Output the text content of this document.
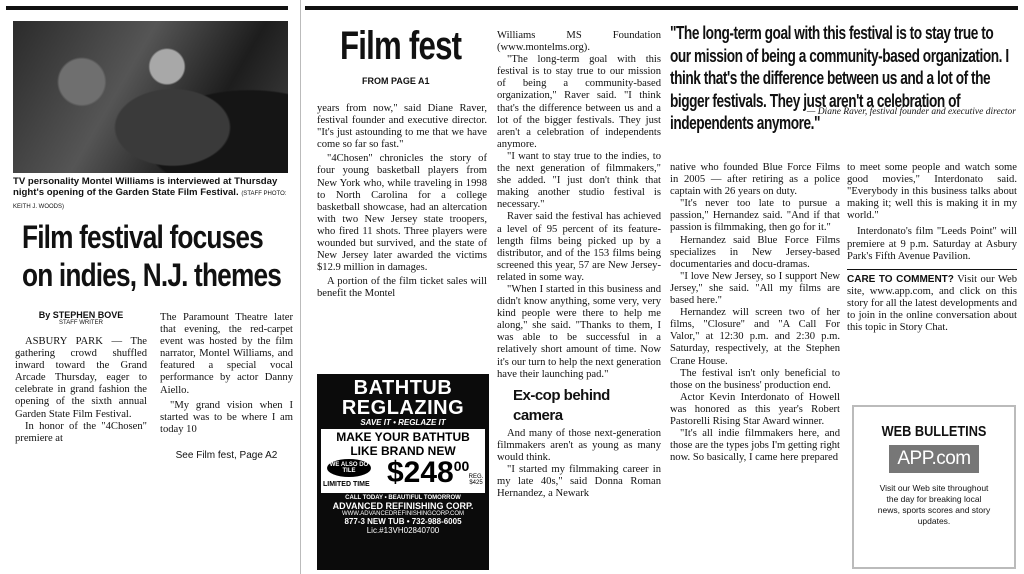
TV personality Montel Williams is interviewed at Thursday night's opening of the Garden State Film Festival. (STAFF PHOTO: KEITH J. WOODS)
Film festival focuses
on indies, N.J. themes
By STEPHEN BOVE
STAFF WRITER

ASBURY PARK — The gathering crowd shuffled inward toward the Grand Arcade Thursday, eager to celebrate in grand fashion the opening of the sixth annual Garden State Film Festival.

In honor of the "4Chosen" premiere at

The Paramount Theatre later that evening, the red-carpet event was hosted by the film narrator, Montel Williams, and featured a special vocal performance by actor Danny Aiello.

"My grand vision when I started was to be where I am today 10

See Film fest, Page A2
Film fest
FROM PAGE A1

years from now," said Diane Raver, festival founder and executive director. "It's just astounding to me that we have come so far so fast."

"4Chosen" chronicles the story of four young basketball players from New York who, while traveling in 1998 to North Carolina for a college basketball showcase, had an altercation with two New Jersey state troopers, who fired 11 shots. Three players were wounded but survived, and the state of New Jersey later awarded the victims $12.9 million in damages.

A portion of the film ticket sales will benefit the Montel

BATHTUB
REGLAZING
SAVE IT • REGLAZE IT
MAKE YOUR BATHTUB
LIKE BRAND NEW
WE ALSO DO TILE
LIMITED TIME $\$248^{00}$
REG. $425
CALL TODAY • BEAUTIFUL TOMORROW
ADVANCED REFINISHING CORP.
WWW.ADVANCEDREFINISHINGCORP.COM
877-3 NEW TUB • 732-988-6005
Lic.#13VH02840700

Williams MS Foundation (www.montelms.org).

"The long-term goal with this festival is to stay true to our mission of being a community-based organization," Raver said. "I think that's the difference between us and a lot of the bigger festivals. They just aren't a celebration of independents anymore.

"I want to stay true to the indies, to the next generation of filmmakers," she added. "I just don't think that making another studio festival is necessary."

Raver said the festival has achieved a level of 95 percent of its feature-length films being picked up by a distributor, and of the 153 films being screened this year, 57 are New Jersey-related in some way.

"When I started in this business and didn't know anything, some very, very kind people were there to help me along," she said. "Thanks to them, I was able to be successful in a relatively short amount of time. Now it's our turn to help the next generation have their launching pad."

Ex-cop behind camera

And many of those next-generation filmmakers aren't as young as many would think.

"I started my filmmaking career in my late 40s," said Donna Roman Hernandez, a Newark

"The long-term goal with this festival is to stay true to our mission of being a community-based organization. I think that's the difference between us and a lot of the bigger festivals. They just aren't a celebration of independents anymore."
— Diane Raver, festival founder and executive director

native who founded Blue Force Films in 2005 — after retiring as a police captain with 26 years on duty.

"It's never too late to pursue a passion," Hernandez said. "And if that passion is filmmaking, then go for it."

Hernandez said Blue Force Films specializes in New Jersey-based documentaries and docu-dramas.

"I love New Jersey, so I support New Jersey," she said. "All my films are based here."

Hernandez will screen two of her films, "Closure" and "A Call For Valor," at 12:30 p.m. and 2:30 p.m. Saturday, respectively, at the Stephen Crane House.

The festival isn't only beneficial to those on the business' production end.

Actor Kevin Interdonato of Howell was honored as this year's Robert Pastorelli Rising Star Award winner.

"It's all indie filmmakers here, and those are the types jobs I'm getting right now. So basically, I came here prepared

to meet some people and watch some good movies," Interdonato said. "Everybody in this business talks about making it; well this is making it in my world."

Interdonato's film "Leeds Point" will premiere at 9 p.m. Saturday at Asbury Park's Fifth Avenue Pavilion.

CARE TO COMMENT? Visit our Web site, www.app.com, and click on this story for all the latest developments and to join in the online conversation about this topic in Story Chat.

WEB BULLETINS
APP.com
Visit our Web site throughout the day for breaking local news, sports scores and story updates.
